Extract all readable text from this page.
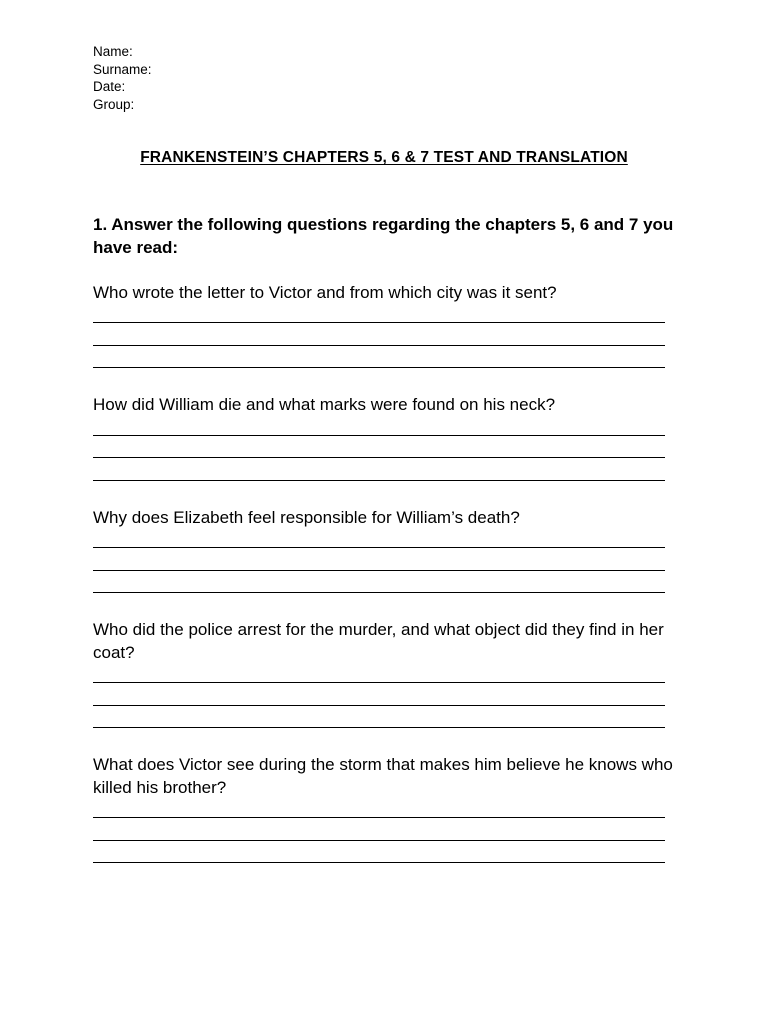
Name:
Surname:
Date:
Group:
FRANKENSTEIN’S CHAPTERS 5, 6 & 7 TEST AND TRANSLATION
1. Answer the following questions regarding the chapters 5, 6 and 7 you have read:
Who wrote the letter to Victor and from which city was it sent?
How did William die and what marks were found on his neck?
Why does Elizabeth feel responsible for William’s death?
Who did the police arrest for the murder, and what object did they find in her coat?
What does Victor see during the storm that makes him believe he knows who killed his brother?
